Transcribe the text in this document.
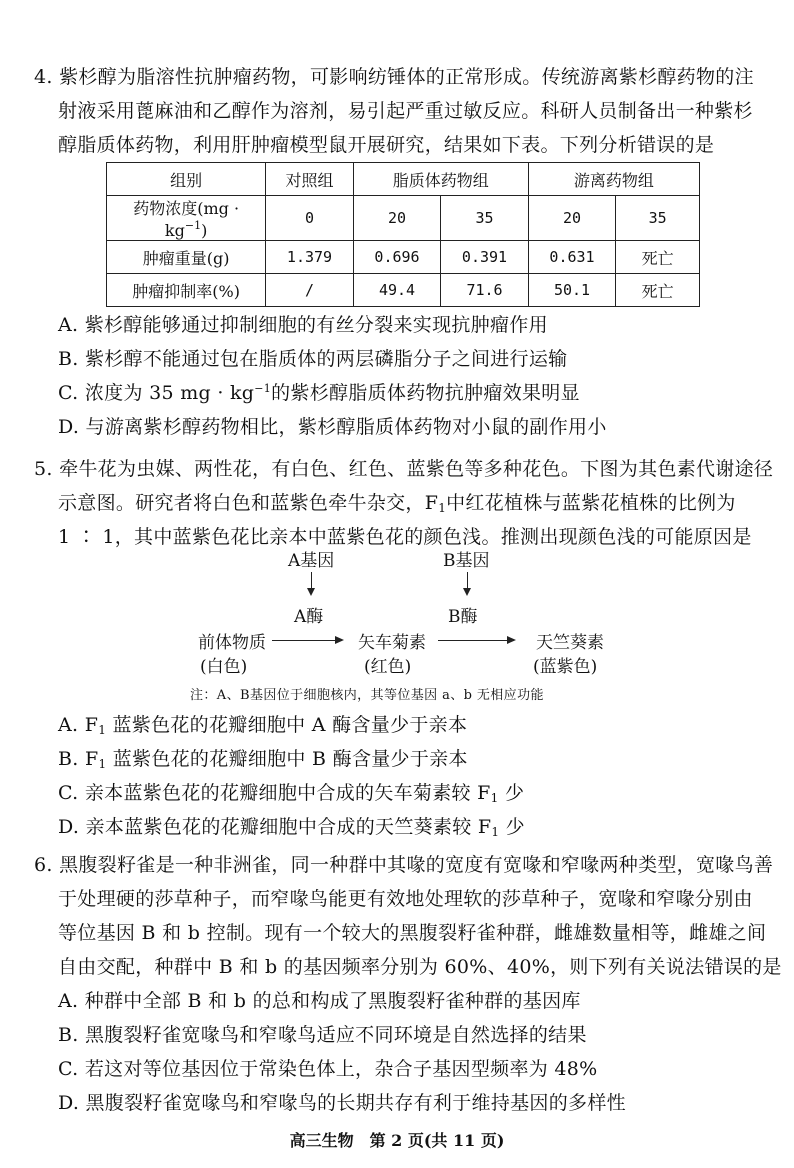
4. 紫杉醇为脂溶性抗肿瘤药物，可影响纺锤体的正常形成。传统游离紫杉醇药物的注
射液采用蓖麻油和乙醇作为溶剂，易引起严重过敏反应。科研人员制备出一种紫杉
醇脂质体药物，利用肝肿瘤模型鼠开展研究，结果如下表。下列分析错误的是
组别	对照组	脂质体药物组		游离药物组	
药物浓度$(mg \cdot kg^{-1})$	0	20	35	20	35
肿瘤重量(g)	1.379	0.696	0.391	0.631	死亡
肿瘤抑制率(%)	/	49.4	71.6	50.1	死亡
A. 紫杉醇能够通过抑制细胞的有丝分裂来实现抗肿瘤作用
B. 紫杉醇不能通过包在脂质体的两层磷脂分子之间进行运输
C. 浓度为 35 mg · $kg^{-1}$的紫杉醇脂质体药物抗肿瘤效果明显
D. 与游离紫杉醇药物相比，紫杉醇脂质体药物对小鼠的副作用小
5. 牵牛花为虫媒、两性花，有白色、红色、蓝紫色等多种花色。下图为其色素代谢途径
示意图。研究者将白色和蓝紫色牵牛杂交，$F_1$中红花植株与蓝紫花植株的比例为
1 ∶ 1，其中蓝紫色花比亲本中蓝紫色花的颜色浅。推测出现颜色浅的可能原因是
A基因	B基因
A酶	B酶
前体物质	矢车菊素	天竺葵素
(白色)	(红色)	(蓝紫色)
注：A、B基因位于细胞核内，其等位基因 a、b 无相应功能
A. $F_1$ 蓝紫色花的花瓣细胞中 A 酶含量少于亲本
B. $F_1$ 蓝紫色花的花瓣细胞中 B 酶含量少于亲本
C. 亲本蓝紫色花的花瓣细胞中合成的矢车菊素较 $F_1$ 少
D. 亲本蓝紫色花的花瓣细胞中合成的天竺葵素较 $F_1$ 少
6. 黑腹裂籽雀是一种非洲雀，同一种群中其喙的宽度有宽喙和窄喙两种类型，宽喙鸟善
于处理硬的莎草种子，而窄喙鸟能更有效地处理软的莎草种子，宽喙和窄喙分别由
等位基因 B 和 b 控制。现有一个较大的黑腹裂籽雀种群，雌雄数量相等，雌雄之间
自由交配，种群中 B 和 b 的基因频率分别为 60%、40%，则下列有关说法错误的是
A. 种群中全部 B 和 b 的总和构成了黑腹裂籽雀种群的基因库
B. 黑腹裂籽雀宽喙鸟和窄喙鸟适应不同环境是自然选择的结果
C. 若这对等位基因位于常染色体上，杂合子基因型频率为 48%
D. 黑腹裂籽雀宽喙鸟和窄喙鸟的长期共存有利于维持基因的多样性
高三生物　第 2 页(共 11 页)
